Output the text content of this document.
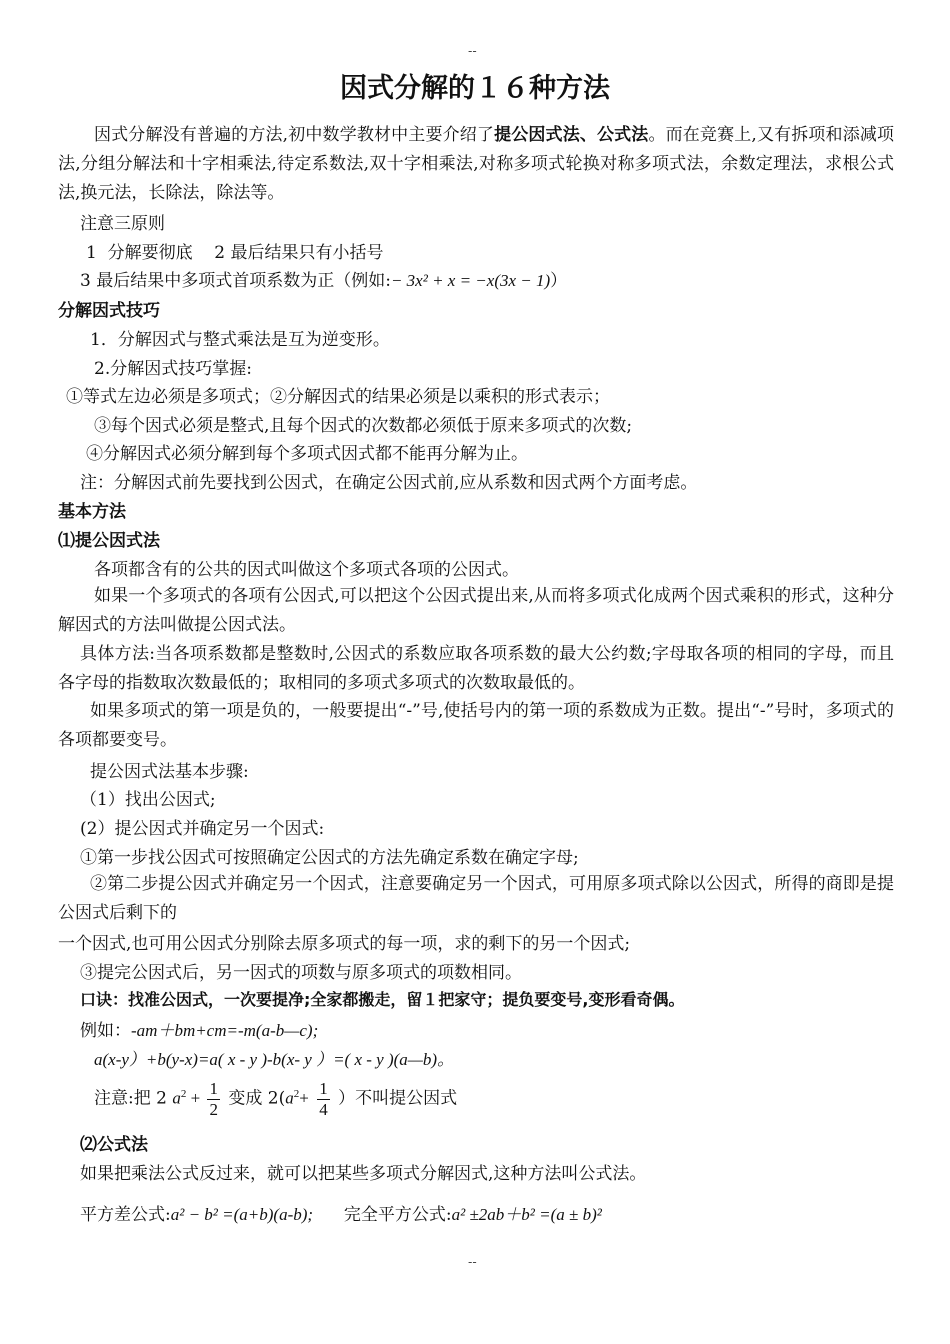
--
因式分解的１６种方法
因式分解没有普遍的方法,初中数学教材中主要介绍了提公因式法、公式法。而在竞赛上,又有拆项和添减项法,分组分解法和十字相乘法,待定系数法,双十字相乘法,对称多项式轮换对称多项式法，余数定理法，求根公式法,换元法，长除法，除法等。
注意三原则
1  分解要彻底    2 最后结果只有小括号
3 最后结果中多项式首项系数为正（例如:− 3x² + x = −x(3x − 1)）
分解因式技巧
1．分解因式与整式乘法是互为逆变形。
2.分解因式技巧掌握:
①等式左边必须是多项式；②分解因式的结果必须是以乘积的形式表示；
③每个因式必须是整式,且每个因式的次数都必须低于原来多项式的次数;
④分解因式必须分解到每个多项式因式都不能再分解为止。
注：分解因式前先要找到公因式，在确定公因式前,应从系数和因式两个方面考虑。
基本方法
⑴提公因式法
各项都含有的公共的因式叫做这个多项式各项的公因式。
如果一个多项式的各项有公因式,可以把这个公因式提出来,从而将多项式化成两个因式乘积的形式，这种分解因式的方法叫做提公因式法。
具体方法:当各项系数都是整数时,公因式的系数应取各项系数的最大公约数;字母取各项的相同的字母，而且各字母的指数取次数最低的；取相同的多项式多项式的次数取最低的。
如果多项式的第一项是负的，一般要提出“-”号,使括号内的第一项的系数成为正数。提出“-”号时，多项式的各项都要变号。
提公因式法基本步骤:
（1）找出公因式;
(2）提公因式并确定另一个因式:
①第一步找公因式可按照确定公因式的方法先确定系数在确定字母;
②第二步提公因式并确定另一个因式，注意要确定另一个因式，可用原多项式除以公因式，所得的商即是提公因式后剩下的
一个因式,也可用公因式分别除去原多项式的每一项，求的剩下的另一个因式;
③提完公因式后，另一因式的项数与原多项式的项数相同。
口诀：找准公因式，一次要提净;全家都搬走，留１把家守；提负要变号,变形看奇偶。
例如：-am＋bm+cm=-m(a-b—c);
a(x-y）+b(y-x)=a( x - y )-b(x- y ）=( x - y )(a—b)。
注意:把 2 $a^2 + \frac{1}{2}$ 变成 $2(a^2+ \frac{1}{4}$ ）不叫提公因式
⑵公式法
如果把乘法公式反过来，就可以把某些多项式分解因式,这种方法叫公式法。
平方差公式:a² − b² =(a+b)(a-b); 完全平方公式:a² ±2ab＋b² =(a ± b)²
--
